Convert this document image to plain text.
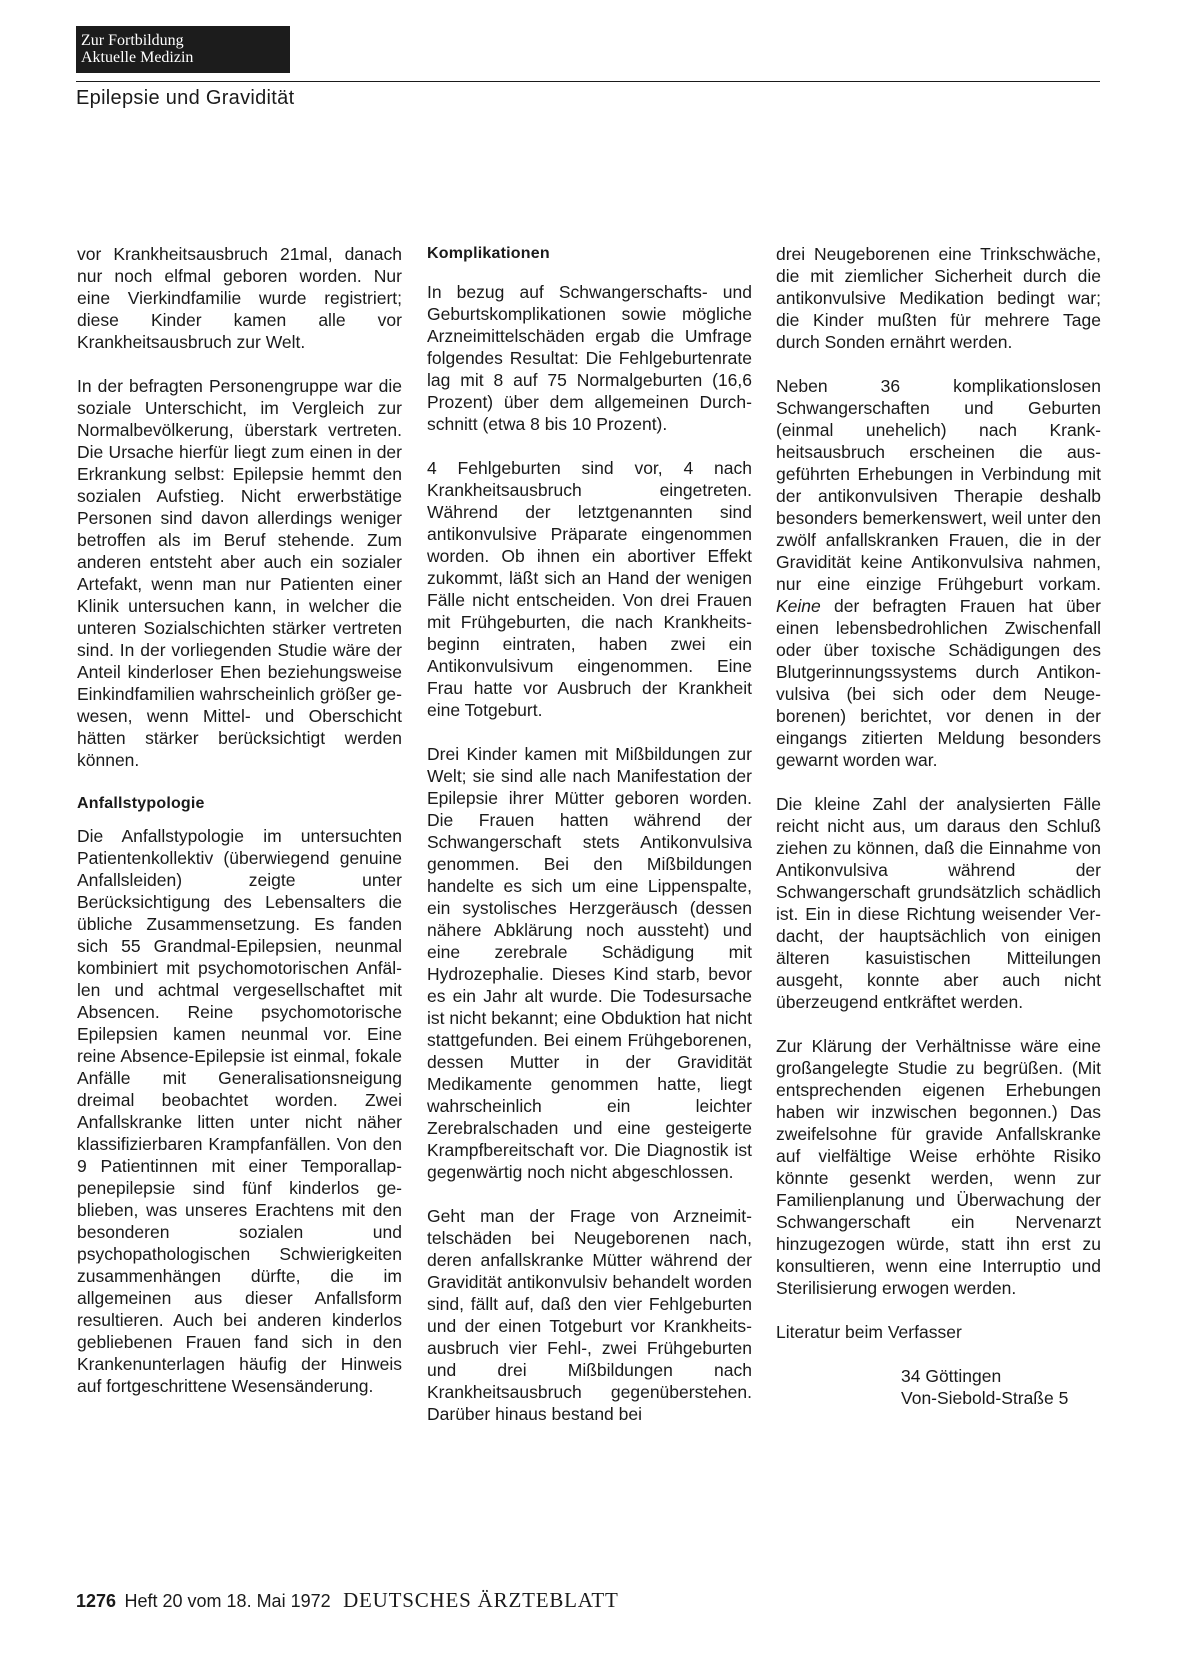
Zur Fortbildung
Aktuelle Medizin
Epilepsie und Gravidität

vor Krankheitsausbruch 21mal, danach nur noch elfmal geboren worden. Nur eine Vierkindfamilie wurde registriert; diese Kinder kamen alle vor Krankheitsausbruch zur Welt.

In der befragten Personengruppe war die soziale Unterschicht, im Vergleich zur Normalbevölkerung, überstark vertreten. Die Ursache hierfür liegt zum einen in der Erkrankung selbst: Epilepsie hemmt den sozialen Aufstieg. Nicht erwerbstätige Personen sind davon allerdings weniger betroffen als im Beruf stehende. Zum anderen entsteht aber auch ein sozialer Artefakt, wenn man nur Patienten einer Klinik untersuchen kann, in welcher die unteren Sozialschichten stärker vertreten sind. In der vorliegenden Studie wäre der Anteil kinderloser Ehen beziehungsweise Einkindfamilien wahrscheinlich größer gewesen, wenn Mittel- und Oberschicht hätten stärker berücksichtigt werden können.

Anfallstypologie

Die Anfallstypologie im untersuchten Patientenkollektiv (überwiegend genuine Anfallsleiden) zeigte unter Berücksichtigung des Lebensalters die übliche Zusammensetzung. Es fanden sich 55 Grandmal-Epilepsien, neunmal kombiniert mit psychomotorischen Anfällen und achtmal vergesellschaftet mit Absencen. Reine psychomotorische Epilepsien kamen neunmal vor. Eine reine Absence-Epilepsie ist einmal, fokale Anfälle mit Generalisationsneigung dreimal beobachtet worden. Zwei Anfallskranke litten unter nicht näher klassifizierbaren Krampfanfällen. Von den 9 Patientinnen mit einer Temporallappenepilepsie sind fünf kinderlos geblieben, was unseres Erachtens mit den besonderen sozialen und psychopathologischen Schwierigkeiten zusammenhängen dürfte, die im allgemeinen aus dieser Anfallsform resultieren. Auch bei anderen kinderlos gebliebenen Frauen fand sich in den Krankenunterlagen häufig der Hinweis auf fortgeschrittene Wesensänderung.

Komplikationen

In bezug auf Schwangerschafts- und Geburtskomplikationen sowie mögliche Arzneimittelschäden ergab die Umfrage folgendes Resultat: Die Fehlgeburtenrate lag mit 8 auf 75 Normalgeburten (16,6 Prozent) über dem allgemeinen Durchschnitt (etwa 8 bis 10 Prozent).

4 Fehlgeburten sind vor, 4 nach Krankheitsausbruch eingetreten. Während der letztgenannten sind antikonvulsive Präparate eingenommen worden. Ob ihnen ein abortiver Effekt zukommt, läßt sich an Hand der wenigen Fälle nicht entscheiden. Von drei Frauen mit Frühgeburten, die nach Krankheitsbeginn eintraten, haben zwei ein Antikonvulsivum eingenommen. Eine Frau hatte vor Ausbruch der Krankheit eine Totgeburt.

Drei Kinder kamen mit Mißbildungen zur Welt; sie sind alle nach Manifestation der Epilepsie ihrer Mütter geboren worden. Die Frauen hatten während der Schwangerschaft stets Antikonvulsiva genommen. Bei den Mißbildungen handelte es sich um eine Lippenspalte, ein systolisches Herzgeräusch (dessen nähere Abklärung noch aussteht) und eine zerebrale Schädigung mit Hydrozephalie. Dieses Kind starb, bevor es ein Jahr alt wurde. Die Todesursache ist nicht bekannt; eine Obduktion hat nicht stattgefunden. Bei einem Frühgeborenen, dessen Mutter in der Gravidität Medikamente genommen hatte, liegt wahrscheinlich ein leichter Zerebralschaden und eine gesteigerte Krampfbereitschaft vor. Die Diagnostik ist gegenwärtig noch nicht abgeschlossen.

Geht man der Frage von Arzneimittelschäden bei Neugeborenen nach, deren anfallskranke Mütter während der Gravidität antikonvulsiv behandelt worden sind, fällt auf, daß den vier Fehlgeburten und der einen Totgeburt vor Krankheitsausbruch vier Fehl-, zwei Frühgeburten und drei Mißbildungen nach Krankheitsausbruch gegenüberstehen. Darüber hinaus bestand bei

drei Neugeborenen eine Trinkschwäche, die mit ziemlicher Sicherheit durch die antikonvulsive Medikation bedingt war; die Kinder mußten für mehrere Tage durch Sonden ernährt werden.

Neben 36 komplikationslosen Schwangerschaften und Geburten (einmal unehelich) nach Krankheitsausbruch erscheinen die ausgeführten Erhebungen in Verbindung mit der antikonvulsiven Therapie deshalb besonders bemerkenswert, weil unter den zwölf anfallskranken Frauen, die in der Gravidität keine Antikonvulsiva nahmen, nur eine einzige Frühgeburt vorkam. Keine der befragten Frauen hat über einen lebensbedrohlichen Zwischenfall oder über toxische Schädigungen des Blutgerinnungssystems durch Antikonvulsiva (bei sich oder dem Neugeborenen) berichtet, vor denen in der eingangs zitierten Meldung besonders gewarnt worden war.

Die kleine Zahl der analysierten Fälle reicht nicht aus, um daraus den Schluß ziehen zu können, daß die Einnahme von Antikonvulsiva während der Schwangerschaft grundsätzlich schädlich ist. Ein in diese Richtung weisender Verdacht, der hauptsächlich von einigen älteren kasuistischen Mitteilungen ausgeht, konnte aber auch nicht überzeugend entkräftet werden.

Zur Klärung der Verhältnisse wäre eine großangelegte Studie zu begrüßen. (Mit entsprechenden eigenen Erhebungen haben wir inzwischen begonnen.) Das zweifelsohne für gravide Anfallskranke auf vielfältige Weise erhöhte Risiko könnte gesenkt werden, wenn zur Familienplanung und Überwachung der Schwangerschaft ein Nervenarzt hinzugezogen würde, statt ihn erst zu konsultieren, wenn eine Interruptio und Sterilisierung erwogen werden.

Literatur beim Verfasser

34 Göttingen
Von-Siebold-Straße 5

1276 Heft 20 vom 18. Mai 1972 DEUTSCHES ÄRZTEBLATT
